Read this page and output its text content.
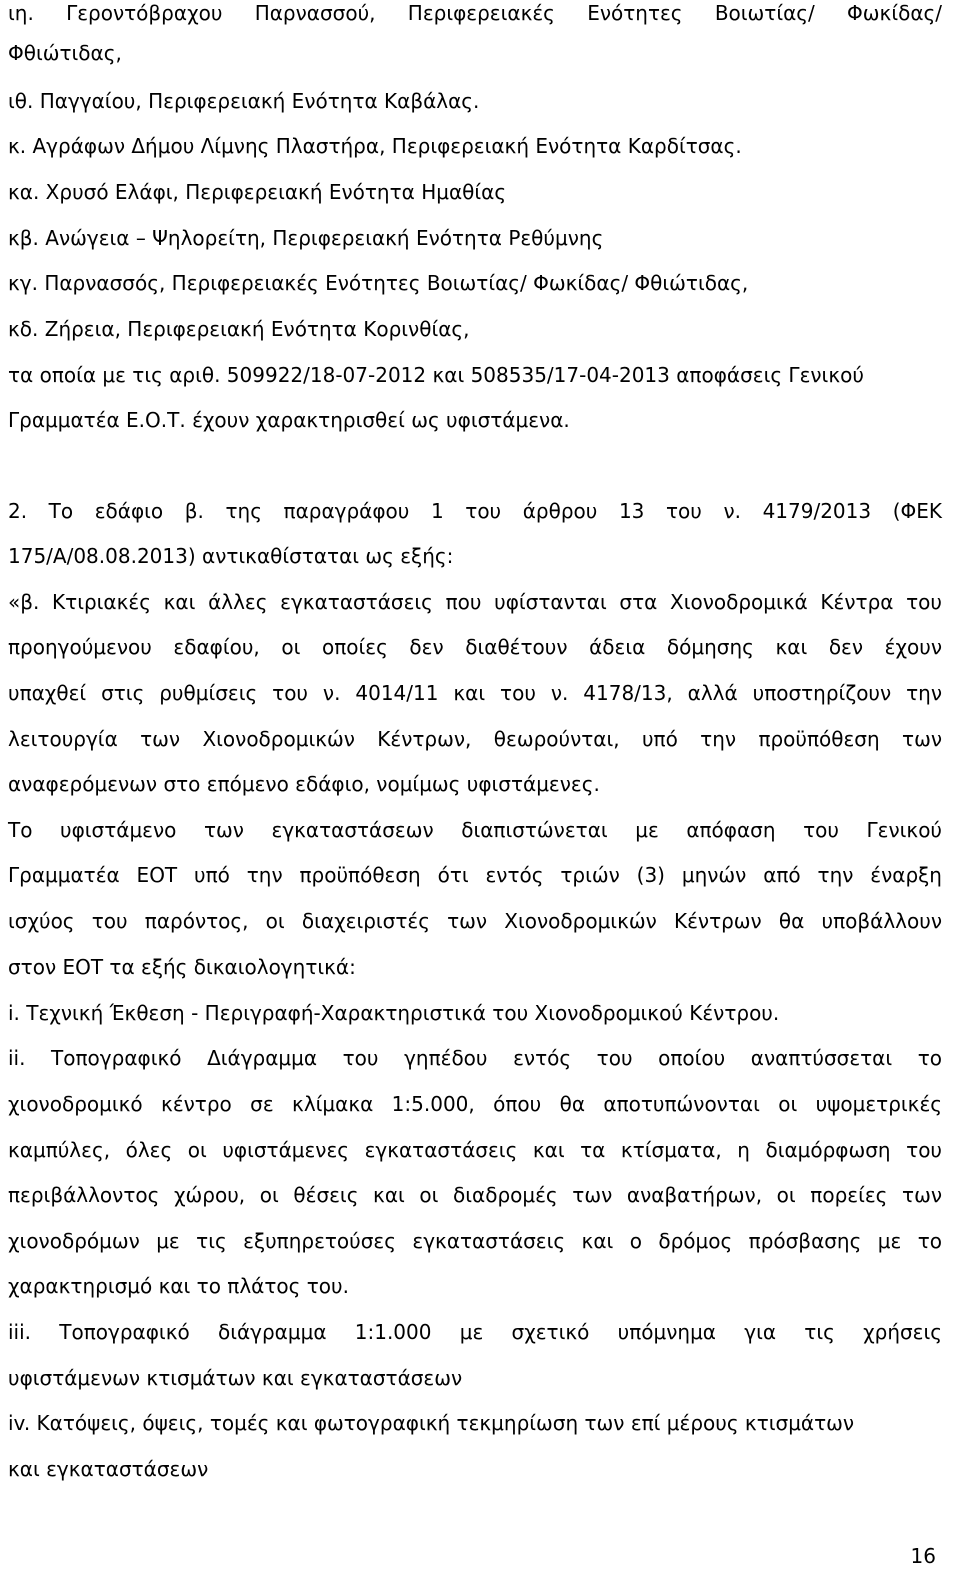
ιη. Γεροντόβραχου Παρνασσού, Περιφερειακές Ενότητες Βοιωτίας/ Φωκίδας/
Φθιώτιδας,
ιθ. Παγγαίου, Περιφερειακή Ενότητα Καβάλας.
κ. Αγράφων Δήμου Λίμνης Πλαστήρα, Περιφερειακή Ενότητα Καρδίτσας.
κα. Χρυσό Ελάφι, Περιφερειακή Ενότητα Ημαθίας
κβ. Ανώγεια – Ψηλορείτη, Περιφερειακή Ενότητα Ρεθύμνης
κγ. Παρνασσός, Περιφερειακές Ενότητες Βοιωτίας/ Φωκίδας/ Φθιώτιδας,
κδ. Ζήρεια, Περιφερειακή Ενότητα Κορινθίας,
τα οποία με τις αριθ. 509922/18-07-2012 και 508535/17-04-2013 αποφάσεις Γενικού
Γραμματέα Ε.Ο.Τ. έχουν χαρακτηρισθεί ως υφιστάμενα.
2. Το εδάφιο β. της παραγράφου 1 του άρθρου 13 του ν. 4179/2013 (ΦΕΚ
175/Α/08.08.2013) αντικαθίσταται ως εξής:
«β. Κτιριακές και άλλες εγκαταστάσεις που υφίστανται στα Χιονοδρομικά Κέντρα του
προηγούμενου εδαφίου, οι οποίες δεν διαθέτουν άδεια δόμησης και δεν έχουν
υπαχθεί στις ρυθμίσεις του ν. 4014/11 και του ν. 4178/13, αλλά υποστηρίζουν την
λειτουργία των Χιονοδρομικών Κέντρων, θεωρούνται, υπό την προϋπόθεση των
αναφερόμενων στο επόμενο εδάφιο, νομίμως υφιστάμενες.
Το υφιστάμενο των εγκαταστάσεων διαπιστώνεται με απόφαση του Γενικού
Γραμματέα ΕΟΤ υπό την προϋπόθεση ότι εντός τριών (3) μηνών από την έναρξη
ισχύος του παρόντος, οι διαχειριστές των Χιονοδρομικών Κέντρων θα υποβάλλουν
στον ΕΟΤ τα εξής δικαιολογητικά:
i. Τεχνική Έκθεση - Περιγραφή-Χαρακτηριστικά του Χιονοδρομικού Κέντρου.
ii. Τοπογραφικό Διάγραμμα του γηπέδου εντός του οποίου αναπτύσσεται το
χιονοδρομικό κέντρο σε κλίμακα 1:5.000, όπου θα αποτυπώνονται οι υψομετρικές
καμπύλες, όλες οι υφιστάμενες εγκαταστάσεις και τα κτίσματα, η διαμόρφωση του
περιβάλλοντος χώρου, οι θέσεις και οι διαδρομές των αναβατήρων, οι πορείες των
χιονοδρόμων με τις εξυπηρετούσες εγκαταστάσεις και ο δρόμος πρόσβασης με το
χαρακτηρισμό και το πλάτος του.
iii. Τοπογραφικό διάγραμμα 1:1.000 με σχετικό υπόμνημα για τις χρήσεις
υφιστάμενων κτισμάτων και εγκαταστάσεων
iv. Κατόψεις, όψεις, τομές και φωτογραφική τεκμηρίωση των επί μέρους κτισμάτων
και εγκαταστάσεων
16
